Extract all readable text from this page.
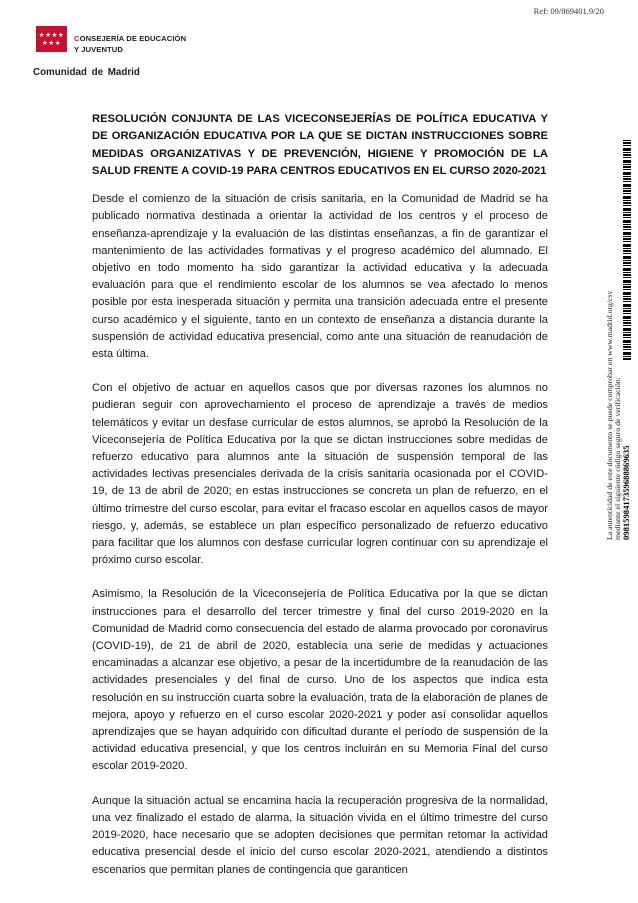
Ref: 09/869401.9/20
★★★★
★★★ CONSEJERÍA DE EDUCACIÓN
Y JUVENTUD
Comunidad de Madrid
La autenticidad de este documento se puede comprobar en www.madrid.org/csv mediante el siguiente código seguro de verificación: 0981598417359688869635

RESOLUCIÓN CONJUNTA DE LAS VICECONSEJERÍAS DE POLÍTICA EDUCATIVA Y DE ORGANIZACIÓN EDUCATIVA POR LA QUE SE DICTAN INSTRUCCIONES SOBRE MEDIDAS ORGANIZATIVAS Y DE PREVENCIÓN, HIGIENE Y PROMOCIÓN DE LA SALUD FRENTE A COVID-19 PARA CENTROS EDUCATIVOS EN EL CURSO 2020-2021

Desde el comienzo de la situación de crisis sanitaria, en la Comunidad de Madrid se ha publicado normativa destinada a orientar la actividad de los centros y el proceso de enseñanza-aprendizaje y la evaluación de las distintas enseñanzas, a fin de garantizar el mantenimiento de las actividades formativas y el progreso académico del alumnado. El objetivo en todo momento ha sido garantizar la actividad educativa y la adecuada evaluación para que el rendimiento escolar de los alumnos se vea afectado lo menos posible por esta inesperada situación y permita una transición adecuada entre el presente curso académico y el siguiente, tanto en un contexto de enseñanza a distancia durante la suspensión de actividad educativa presencial, como ante una situación de reanudación de esta última.

Con el objetivo de actuar en aquellos casos que por diversas razones los alumnos no pudieran seguir con aprovechamiento el proceso de aprendizaje a través de medios telemáticos y evitar un desfase curricular de estos alumnos, se aprobó la Resolución de la Viceconsejería de Política Educativa por la que se dictan instrucciones sobre medidas de refuerzo educativo para alumnos ante la situación de suspensión temporal de las actividades lectivas presenciales derivada de la crisis sanitaria ocasionada por el COVID-19, de 13 de abril de 2020; en estas instrucciones se concreta un plan de refuerzo, en el último trimestre del curso escolar, para evitar el fracaso escolar en aquellos casos de mayor riesgo, y, además, se establece un plan específico personalizado de refuerzo educativo para facilitar que los alumnos con desfase curricular logren continuar con su aprendizaje el próximo curso escolar.

Asimismo, la Resolución de la Viceconsejería de Política Educativa por la que se dictan instrucciones para el desarrollo del tercer trimestre y final del curso 2019-2020 en la Comunidad de Madrid como consecuencia del estado de alarma provocado por coronavirus (COVID-19), de 21 de abril de 2020, establecía una serie de medidas y actuaciones encaminadas a alcanzar ese objetivo, a pesar de la incertidumbre de la reanudación de las actividades presenciales y del final de curso. Uno de los aspectos que indica esta resolución en su instrucción cuarta sobre la evaluación, trata de la elaboración de planes de mejora, apoyo y refuerzo en el curso escolar 2020-2021 y poder así consolidar aquellos aprendizajes que se hayan adquirido con dificultad durante el período de suspensión de la actividad educativa presencial, y que los centros incluirán en su Memoria Final del curso escolar 2019-2020.

Aunque la situación actual se encamina hacia la recuperación progresiva de la normalidad, una vez finalizado el estado de alarma, la situación vivida en el último trimestre del curso 2019-2020, hace necesario que se adopten decisiones que permitan retomar la actividad educativa presencial desde el inicio del curso escolar 2020-2021, atendiendo a distintos escenarios que permitan planes de contingencia que garanticen
